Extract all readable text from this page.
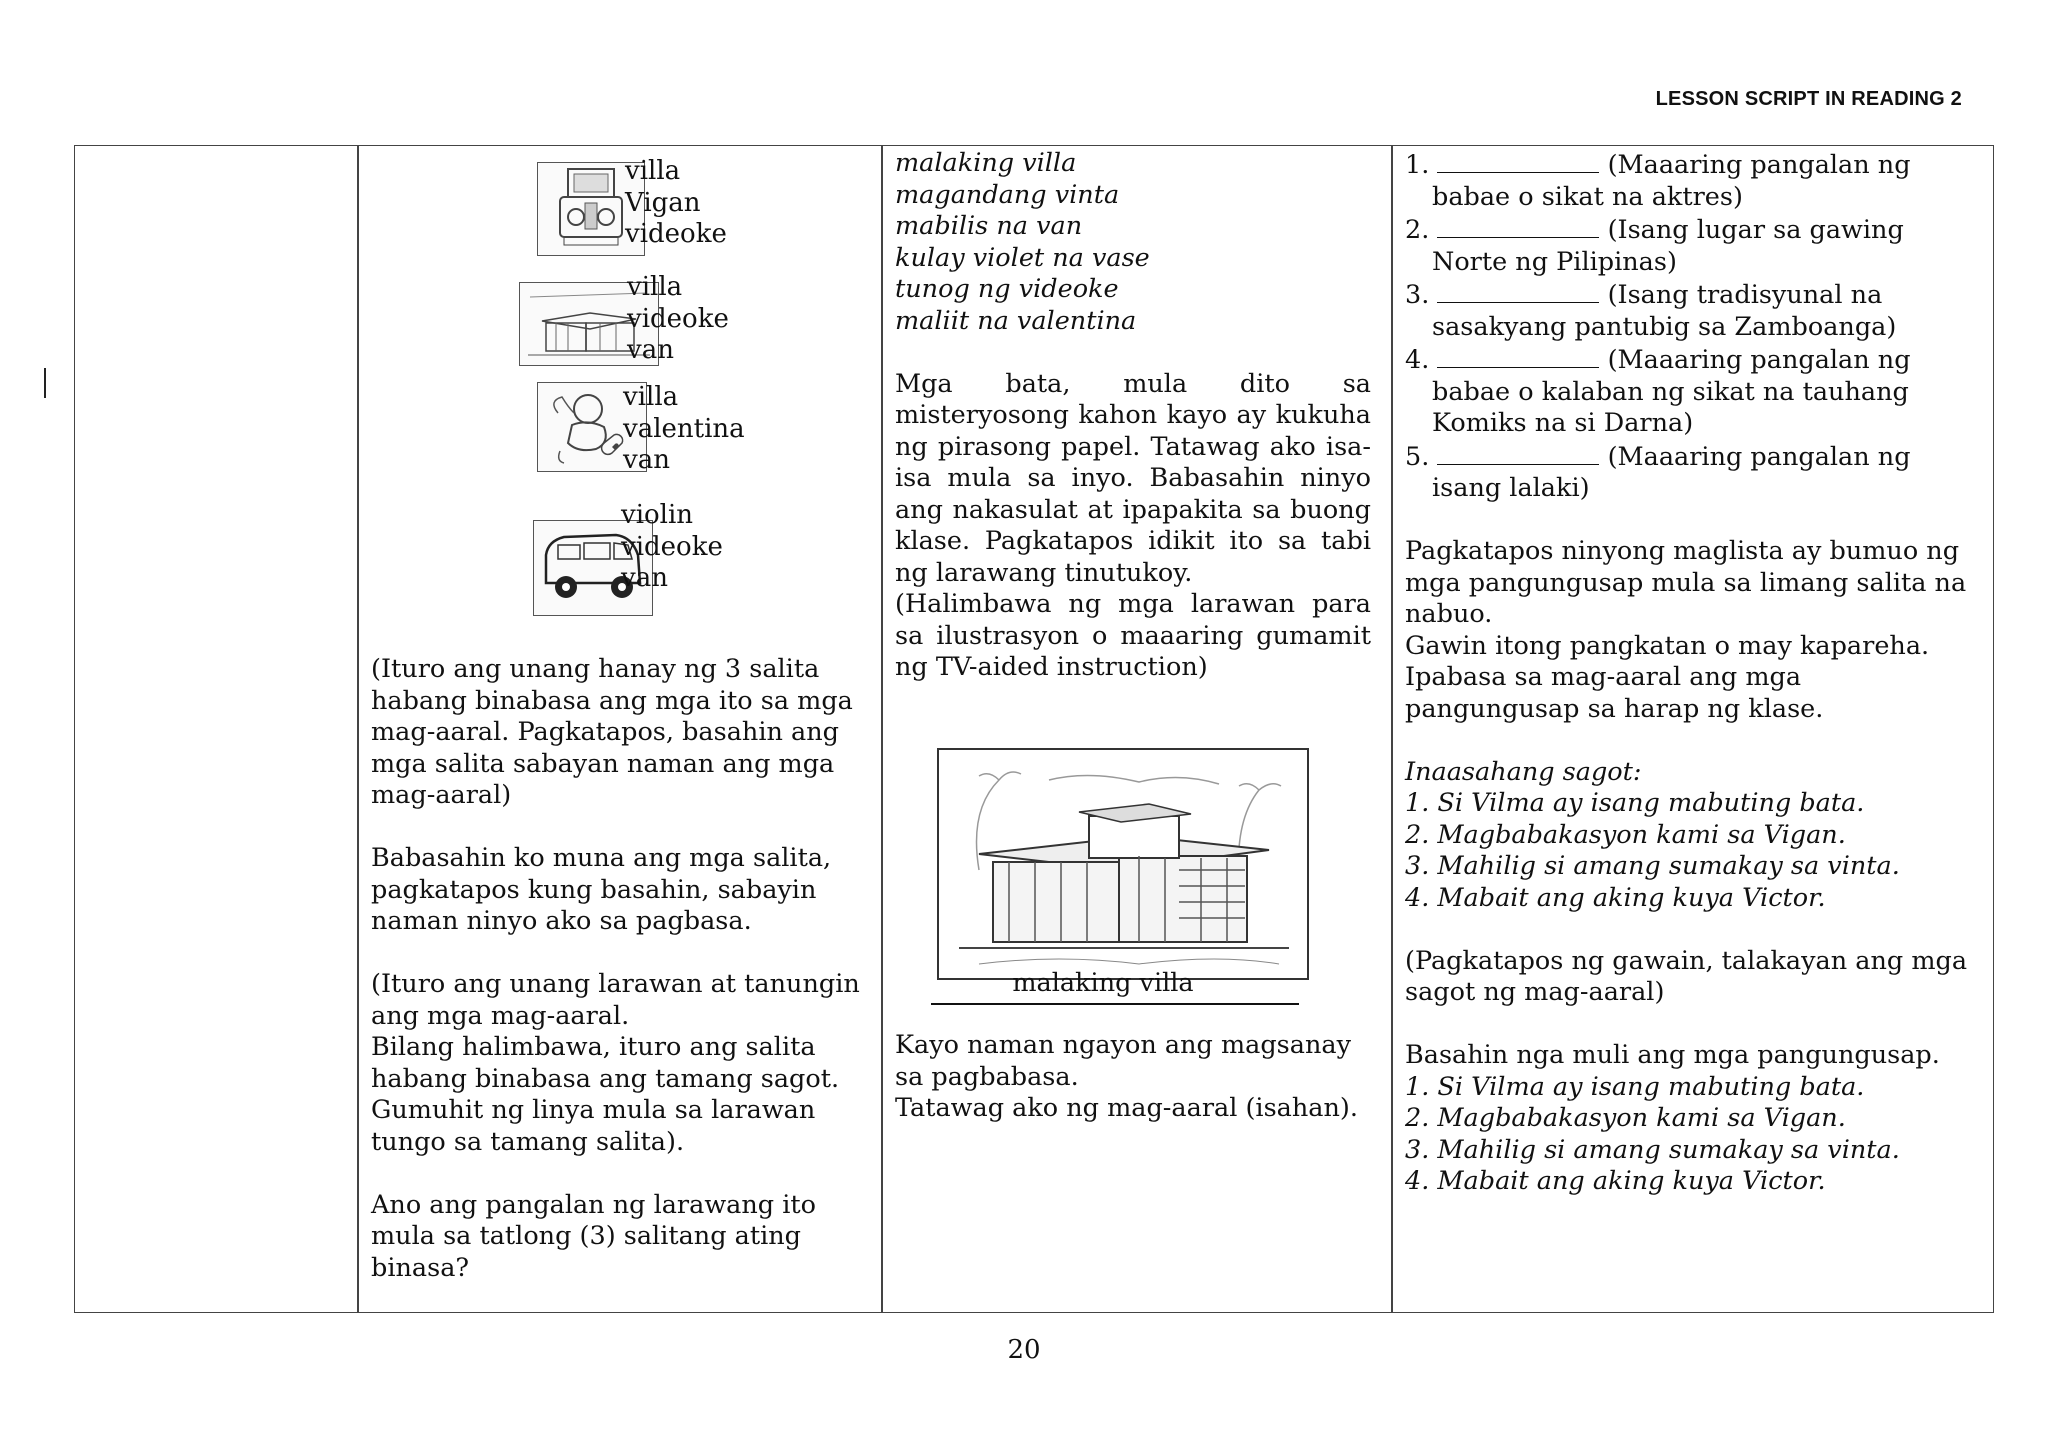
LESSON SCRIPT IN READING 2

villa

Vigan

videoke

villa

videoke

van

villa

valentina

van

violin

videoke

van

(Ituro ang unang hanay ng 3 salita habang binabasa ang mga ito sa mga mag-aaral. Pagkatapos, basahin ang mga salita sabayan naman ang mga mag-aaral)

Babasahin ko muna ang mga salita, pagkatapos kung basahin, sabayin naman ninyo ako sa pagbasa.

(Ituro ang unang larawan at tanungin ang mga mag-aaral.

Bilang halimbawa, ituro ang salita habang binabasa ang tamang sagot. Gumuhit ng linya mula sa larawan tungo sa tamang salita).

Ano ang pangalan ng larawang ito mula sa tatlong (3) salitang ating binasa?

malaking villa

magandang vinta

mabilis na van

kulay violet na vase

tunog ng videoke

maliit na valentina

Mga bata, mula dito sa misteryosong kahon kayo ay kukuha ng pirasong papel. Tatawag ako isa-isa mula sa inyo. Babasahin ninyo ang nakasulat at ipapakita sa buong klase. Pagkatapos idikit ito sa tabi ng larawang tinutukoy.

(Halimbawa ng mga larawan para sa ilustrasyon o maaaring gumamit ng TV-aided instruction)

malaking villa

Kayo naman ngayon ang magsanay sa pagbabasa.

Tatawag ako ng mag-aaral (isahan).

1.	(Maaaring pangalan ng

babae o sikat na aktres)

2.	(Isang lugar sa gawing

Norte ng Pilipinas)

3.	(Isang tradisyunal na

sasakyang pantubig sa Zamboanga)

4.	(Maaaring pangalan ng

babae o kalaban ng sikat na tauhang

Komiks na si Darna)

5.	(Maaaring pangalan ng

isang lalaki)

Pagkatapos ninyong maglista ay bumuo ng mga pangungusap mula sa limang salita na nabuo.

Gawin itong pangkatan o may kapareha.

Ipabasa sa mag-aaral ang mga pangungusap sa harap ng klase.

Inaasahang sagot:

1. Si Vilma ay isang mabuting bata.

2. Magbabakasyon kami sa Vigan.

3. Mahilig si amang sumakay sa vinta.

4. Mabait ang aking kuya Victor.

(Pagkatapos ng gawain, talakayan ang mga sagot ng mag-aaral)

Basahin nga muli ang mga pangungusap.

1. Si Vilma ay isang mabuting bata.

2. Magbabakasyon kami sa Vigan.

3. Mahilig si amang sumakay sa vinta.

4. Mabait ang aking kuya Victor.

20
